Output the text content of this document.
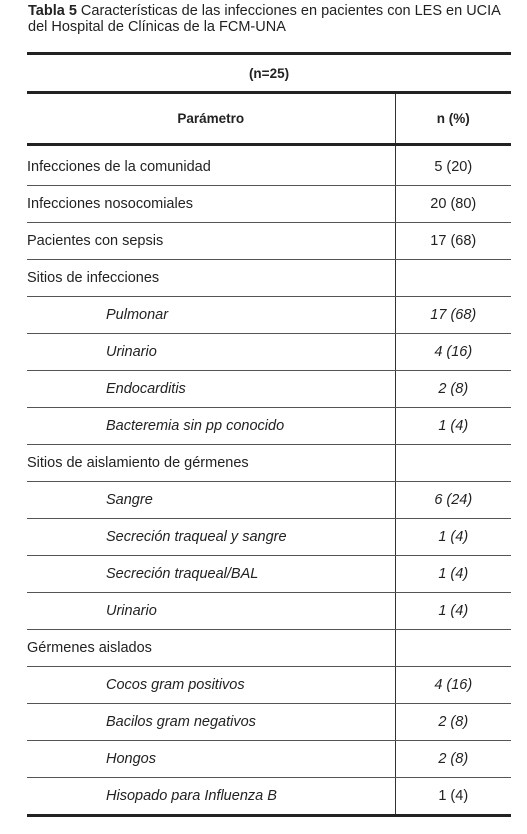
Tabla 5 Características de las infecciones en pacientes con LES en UCIA del Hospital de Clínicas de la FCM-UNA
(n=25)	
Parámetro	n (%)
Infecciones de la comunidad	5 (20)
Infecciones nosocomiales	20 (80)
Pacientes con sepsis	17 (68)
Sitios de infecciones	
Pulmonar	17 (68)
Urinario	4 (16)
Endocarditis	2 (8)
Bacteremia sin pp conocido	1 (4)
Sitios de aislamiento de gérmenes	
Sangre	6 (24)
Secreción traqueal y sangre	1 (4)
Secreción traqueal/BAL	1 (4)
Urinario	1 (4)
Gérmenes aislados	
Cocos gram positivos	4 (16)
Bacilos gram negativos	2 (8)
Hongos	2 (8)
Hisopado para Influenza B	1 (4)
